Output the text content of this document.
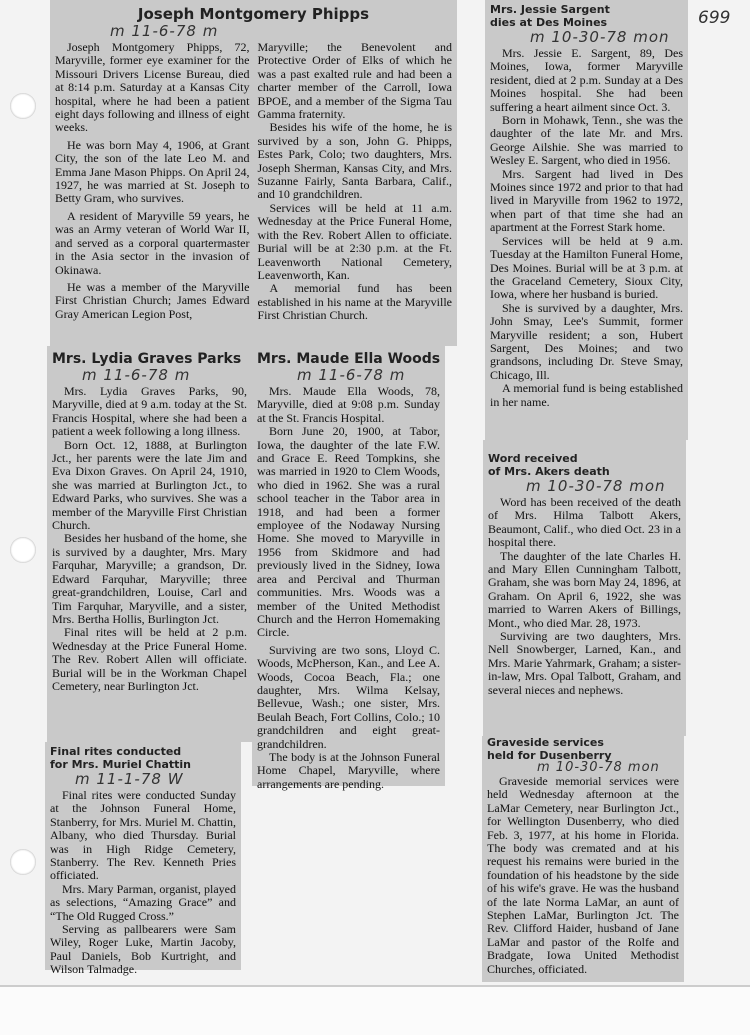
699
Joseph Montgomery Phipps
m 11-6-78 m

Joseph Montgomery Phipps, 72, Maryville, former eye examiner for the Missouri Drivers License Bureau, died at 8:14 p.m. Saturday at a Kansas City hospital, where he had been a patient eight days following and illness of eight weeks.

He was born May 4, 1906, at Grant City, the son of the late Leo M. and Emma Jane Mason Phipps. On April 24, 1927, he was married at St. Joseph to Betty Gram, who survives.

A resident of Maryville 59 years, he was an Army veteran of World War II, and served as a corporal quartermaster in the Asia sector in the invasion of Okinawa.

He was a member of the Maryville First Christian Church; James Edward Gray American Legion Post,

Maryville; the Benevolent and Protective Order of Elks of which he was a past exalted rule and had been a charter member of the Carroll, Iowa BPOE, and a member of the Sigma Tau Gamma fraternity.

Besides his wife of the home, he is survived by a son, John G. Phipps, Estes Park, Colo; two daughters, Mrs. Joseph Sherman, Kansas City, and Mrs. Suzanne Fairly, Santa Barbara, Calif., and 10 grandchildren.

Services will be held at 11 a.m. Wednesday at the Price Funeral Home, with the Rev. Robert Allen to officiate. Burial will be at 2:30 p.m. at the Ft. Leavenworth National Cemetery, Leavenworth, Kan.

A memorial fund has been established in his name at the Maryville First Christian Church.

Mrs. Lydia Graves Parks
m 11-6-78 m

Mrs. Lydia Graves Parks, 90, Maryville, died at 9 a.m. today at the St. Francis Hospital, where she had been a patient a week following a long illness.

Born Oct. 12, 1888, at Burlington Jct., her parents were the late Jim and Eva Dixon Graves. On April 24, 1910, she was married at Burlington Jct., to Edward Parks, who survives. She was a member of the Maryville First Christian Church.

Besides her husband of the home, she is survived by a daughter, Mrs. Mary Farquhar, Maryville; a grandson, Dr. Edward Farquhar, Maryville; three great-grandchildren, Louise, Carl and Tim Farquhar, Maryville, and a sister, Mrs. Bertha Hollis, Burlington Jct.

Final rites will be held at 2 p.m. Wednesday at the Price Funeral Home. The Rev. Robert Allen will officiate. Burial will be in the Workman Chapel Cemetery, near Burlington Jct.

Mrs. Maude Ella Woods
m 11-6-78 m

Mrs. Maude Ella Woods, 78, Maryville, died at 9:08 p.m. Sunday at the St. Francis Hospital.

Born June 20, 1900, at Tabor, Iowa, the daughter of the late F.W. and Grace E. Reed Tompkins, she was married in 1920 to Clem Woods, who died in 1962. She was a rural school teacher in the Tabor area in 1918, and had been a former employee of the Nodaway Nursing Home. She moved to Maryville in 1956 from Skidmore and had previously lived in the Sidney, Iowa area and Percival and Thurman communities. Mrs. Woods was a member of the United Methodist Church and the Herron Homemaking Circle.

Surviving are two sons, Lloyd C. Woods, McPherson, Kan., and Lee A. Woods, Cocoa Beach, Fla.; one daughter, Mrs. Wilma Kelsay, Bellevue, Wash.; one sister, Mrs. Beulah Beach, Fort Collins, Colo.; 10 grandchildren and eight great-grandchildren.

The body is at the Johnson Funeral Home Chapel, Maryville, where arrangements are pending.

Final rites conducted
for Mrs. Muriel Chattin
m 11-1-78 W

Final rites were conducted Sunday at the Johnson Funeral Home, Stanberry, for Mrs. Muriel M. Chattin, Albany, who died Thursday. Burial was in High Ridge Cemetery, Stanberry. The Rev. Kenneth Pries officiated.

Mrs. Mary Parman, organist, played as selections, “Amazing Grace” and “The Old Rugged Cross.”

Serving as pallbearers were Sam Wiley, Roger Luke, Martin Jacoby, Paul Daniels, Bob Kurtright, and Wilson Talmadge.

Mrs. Jessie Sargent
dies at Des Moines
m 10-30-78 mon

Mrs. Jessie E. Sargent, 89, Des Moines, Iowa, former Maryville resident, died at 2 p.m. Sunday at a Des Moines hospital. She had been suffering a heart ailment since Oct. 3.

Born in Mohawk, Tenn., she was the daughter of the late Mr. and Mrs. George Ailshie. She was married to Wesley E. Sargent, who died in 1956.

Mrs. Sargent had lived in Des Moines since 1972 and prior to that had lived in Maryville from 1962 to 1972, when part of that time she had an apartment at the Forrest Stark home.

Services will be held at 9 a.m. Tuesday at the Hamilton Funeral Home, Des Moines. Burial will be at 3 p.m. at the Graceland Cemetery, Sioux City, Iowa, where her husband is buried.

She is survived by a daughter, Mrs. John Smay, Lee's Summit, former Maryville resident; a son, Hubert Sargent, Des Moines; and two grandsons, including Dr. Steve Smay, Chicago, Ill.

A memorial fund is being established in her name.

Word received
of Mrs. Akers death
m 10-30-78 mon

Word has been received of the death of Mrs. Hilma Talbott Akers, Beaumont, Calif., who died Oct. 23 in a hospital there.

The daughter of the late Charles H. and Mary Ellen Cunningham Talbott, Graham, she was born May 24, 1896, at Graham. On April 6, 1922, she was married to Warren Akers of Billings, Mont., who died Mar. 28, 1973.

Surviving are two daughters, Mrs. Nell Snowberger, Larned, Kan., and Mrs. Marie Yahrmark, Graham; a sister-in-law, Mrs. Opal Talbott, Graham, and several nieces and nephews.

Graveside services
held for Dusenberry
m 10-30-78 mon

Graveside memorial services were held Wednesday afternoon at the LaMar Cemetery, near Burlington Jct., for Wellington Dusenberry, who died Feb. 3, 1977, at his home in Florida. The body was cremated and at his request his remains were buried in the foundation of his headstone by the side of his wife's grave. He was the husband of the late Norma LaMar, an aunt of Stephen LaMar, Burlington Jct. The Rev. Clifford Haider, husband of Jane LaMar and pastor of the Rolfe and Bradgate, Iowa United Methodist Churches, officiated.
